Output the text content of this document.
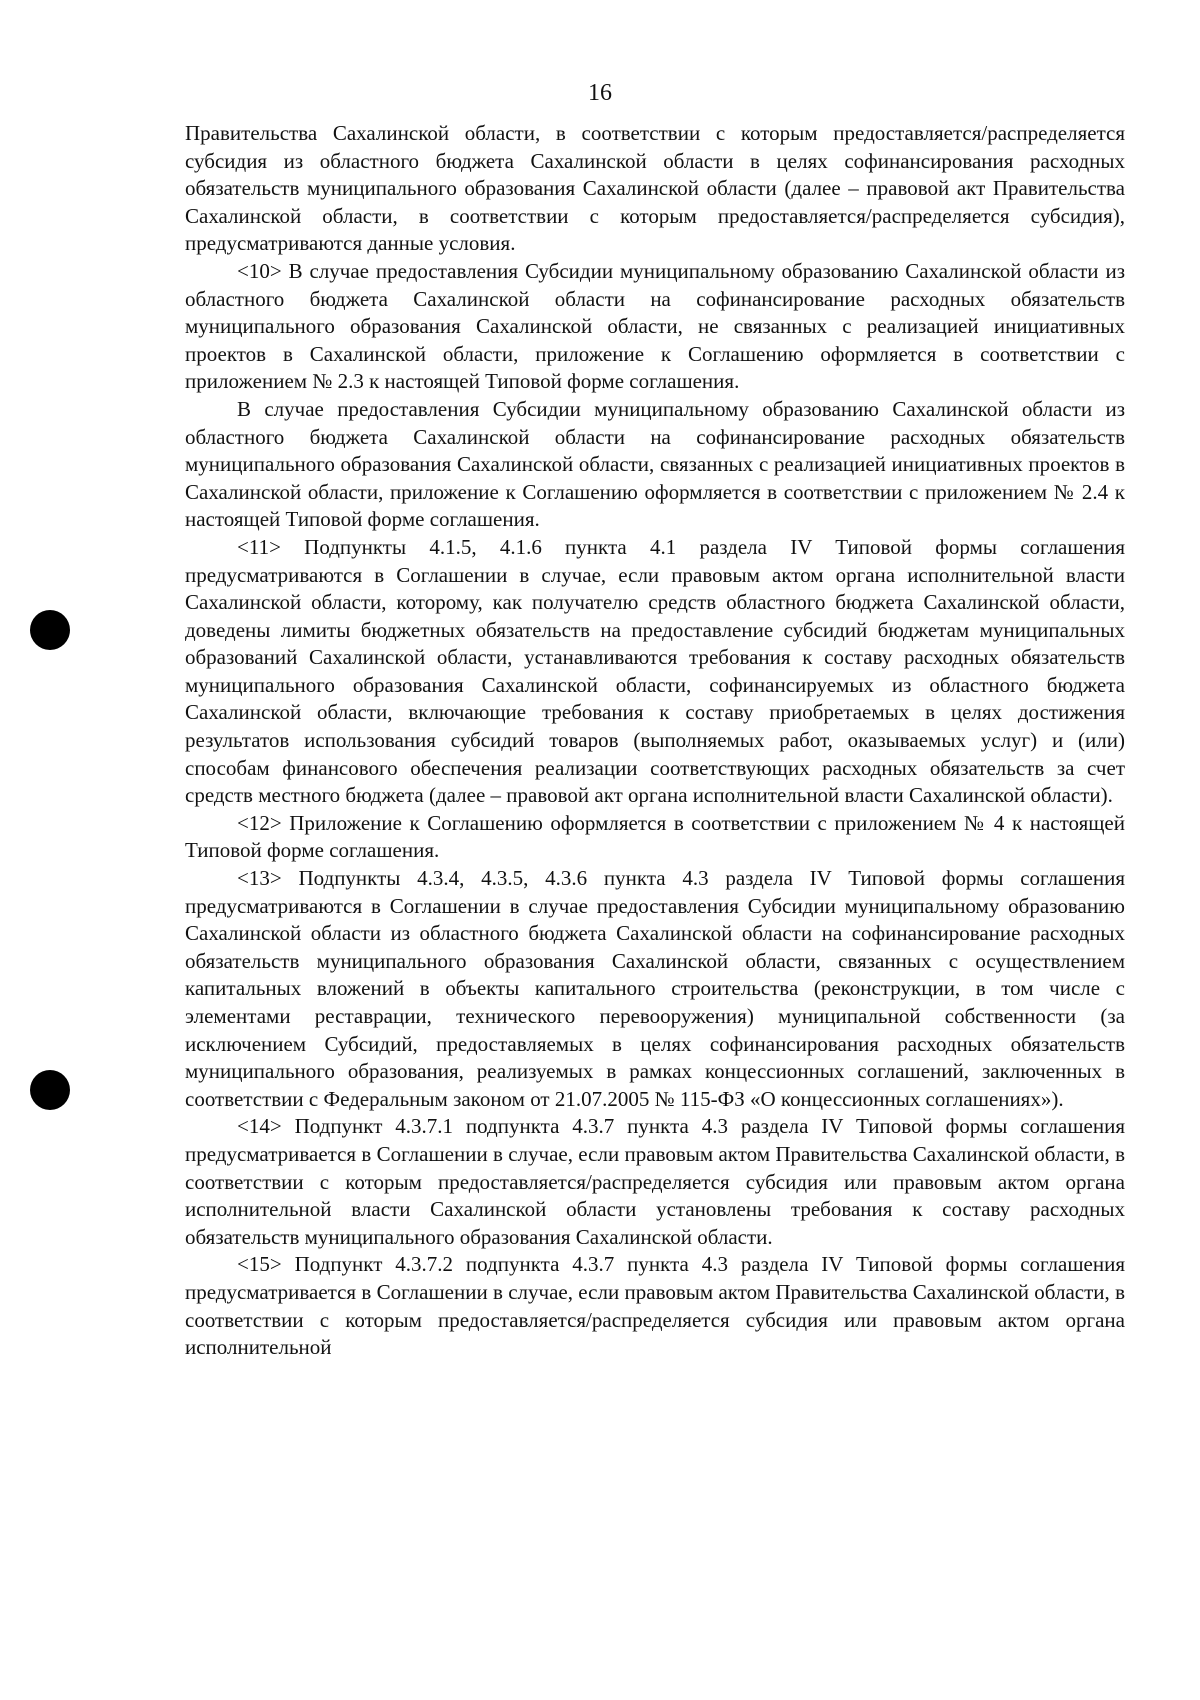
16

Правительства Сахалинской области, в соответствии с которым предоставляется/распределяется субсидия из областного бюджета Сахалинской области в целях софинансирования расходных обязательств муниципального образования Сахалинской области (далее – правовой акт Правительства Сахалинской области, в соответствии с которым предоставляется/распределяется субсидия), предусматриваются данные условия.

<10> В случае предоставления Субсидии муниципальному образованию Сахалинской области из областного бюджета Сахалинской области на софинансирование расходных обязательств муниципального образования Сахалинской области, не связанных с реализацией инициативных проектов в Сахалинской области, приложение к Соглашению оформляется в соответствии с приложением № 2.3 к настоящей Типовой форме соглашения.

В случае предоставления Субсидии муниципальному образованию Сахалинской области из областного бюджета Сахалинской области на софинансирование расходных обязательств муниципального образования Сахалинской области, связанных с реализацией инициативных проектов в Сахалинской области, приложение к Соглашению оформляется в соответствии с приложением № 2.4 к настоящей Типовой форме соглашения.

<11> Подпункты 4.1.5, 4.1.6 пункта 4.1 раздела IV Типовой формы соглашения предусматриваются в Соглашении в случае, если правовым актом органа исполнительной власти Сахалинской области, которому, как получателю средств областного бюджета Сахалинской области, доведены лимиты бюджетных обязательств на предоставление субсидий бюджетам муниципальных образований Сахалинской области, устанавливаются требования к составу расходных обязательств муниципального образования Сахалинской области, софинансируемых из областного бюджета Сахалинской области, включающие требования к составу приобретаемых в целях достижения результатов использования субсидий товаров (выполняемых работ, оказываемых услуг) и (или) способам финансового обеспечения реализации соответствующих расходных обязательств за счет средств местного бюджета (далее – правовой акт органа исполнительной власти Сахалинской области).

<12> Приложение к Соглашению оформляется в соответствии с приложением № 4 к настоящей Типовой форме соглашения.

<13> Подпункты 4.3.4, 4.3.5, 4.3.6 пункта 4.3 раздела IV Типовой формы соглашения предусматриваются в Соглашении в случае предоставления Субсидии муниципальному образованию Сахалинской области из областного бюджета Сахалинской области на софинансирование расходных обязательств муниципального образования Сахалинской области, связанных с осуществлением капитальных вложений в объекты капитального строительства (реконструкции, в том числе с элементами реставрации, технического перевооружения) муниципальной собственности (за исключением Субсидий, предоставляемых в целях софинансирования расходных обязательств муниципального образования, реализуемых в рамках концессионных соглашений, заключенных в соответствии с Федеральным законом от 21.07.2005 № 115-ФЗ «О концессионных соглашениях»).

<14> Подпункт 4.3.7.1 подпункта 4.3.7 пункта 4.3 раздела IV Типовой формы соглашения предусматривается в Соглашении в случае, если правовым актом Правительства Сахалинской области, в соответствии с которым предоставляется/распределяется субсидия или правовым актом органа исполнительной власти Сахалинской области установлены требования к составу расходных обязательств муниципального образования Сахалинской области.

<15> Подпункт 4.3.7.2 подпункта 4.3.7 пункта 4.3 раздела IV Типовой формы соглашения предусматривается в Соглашении в случае, если правовым актом Правительства Сахалинской области, в соответствии с которым предоставляется/распределяется субсидия или правовым актом органа исполнительной
